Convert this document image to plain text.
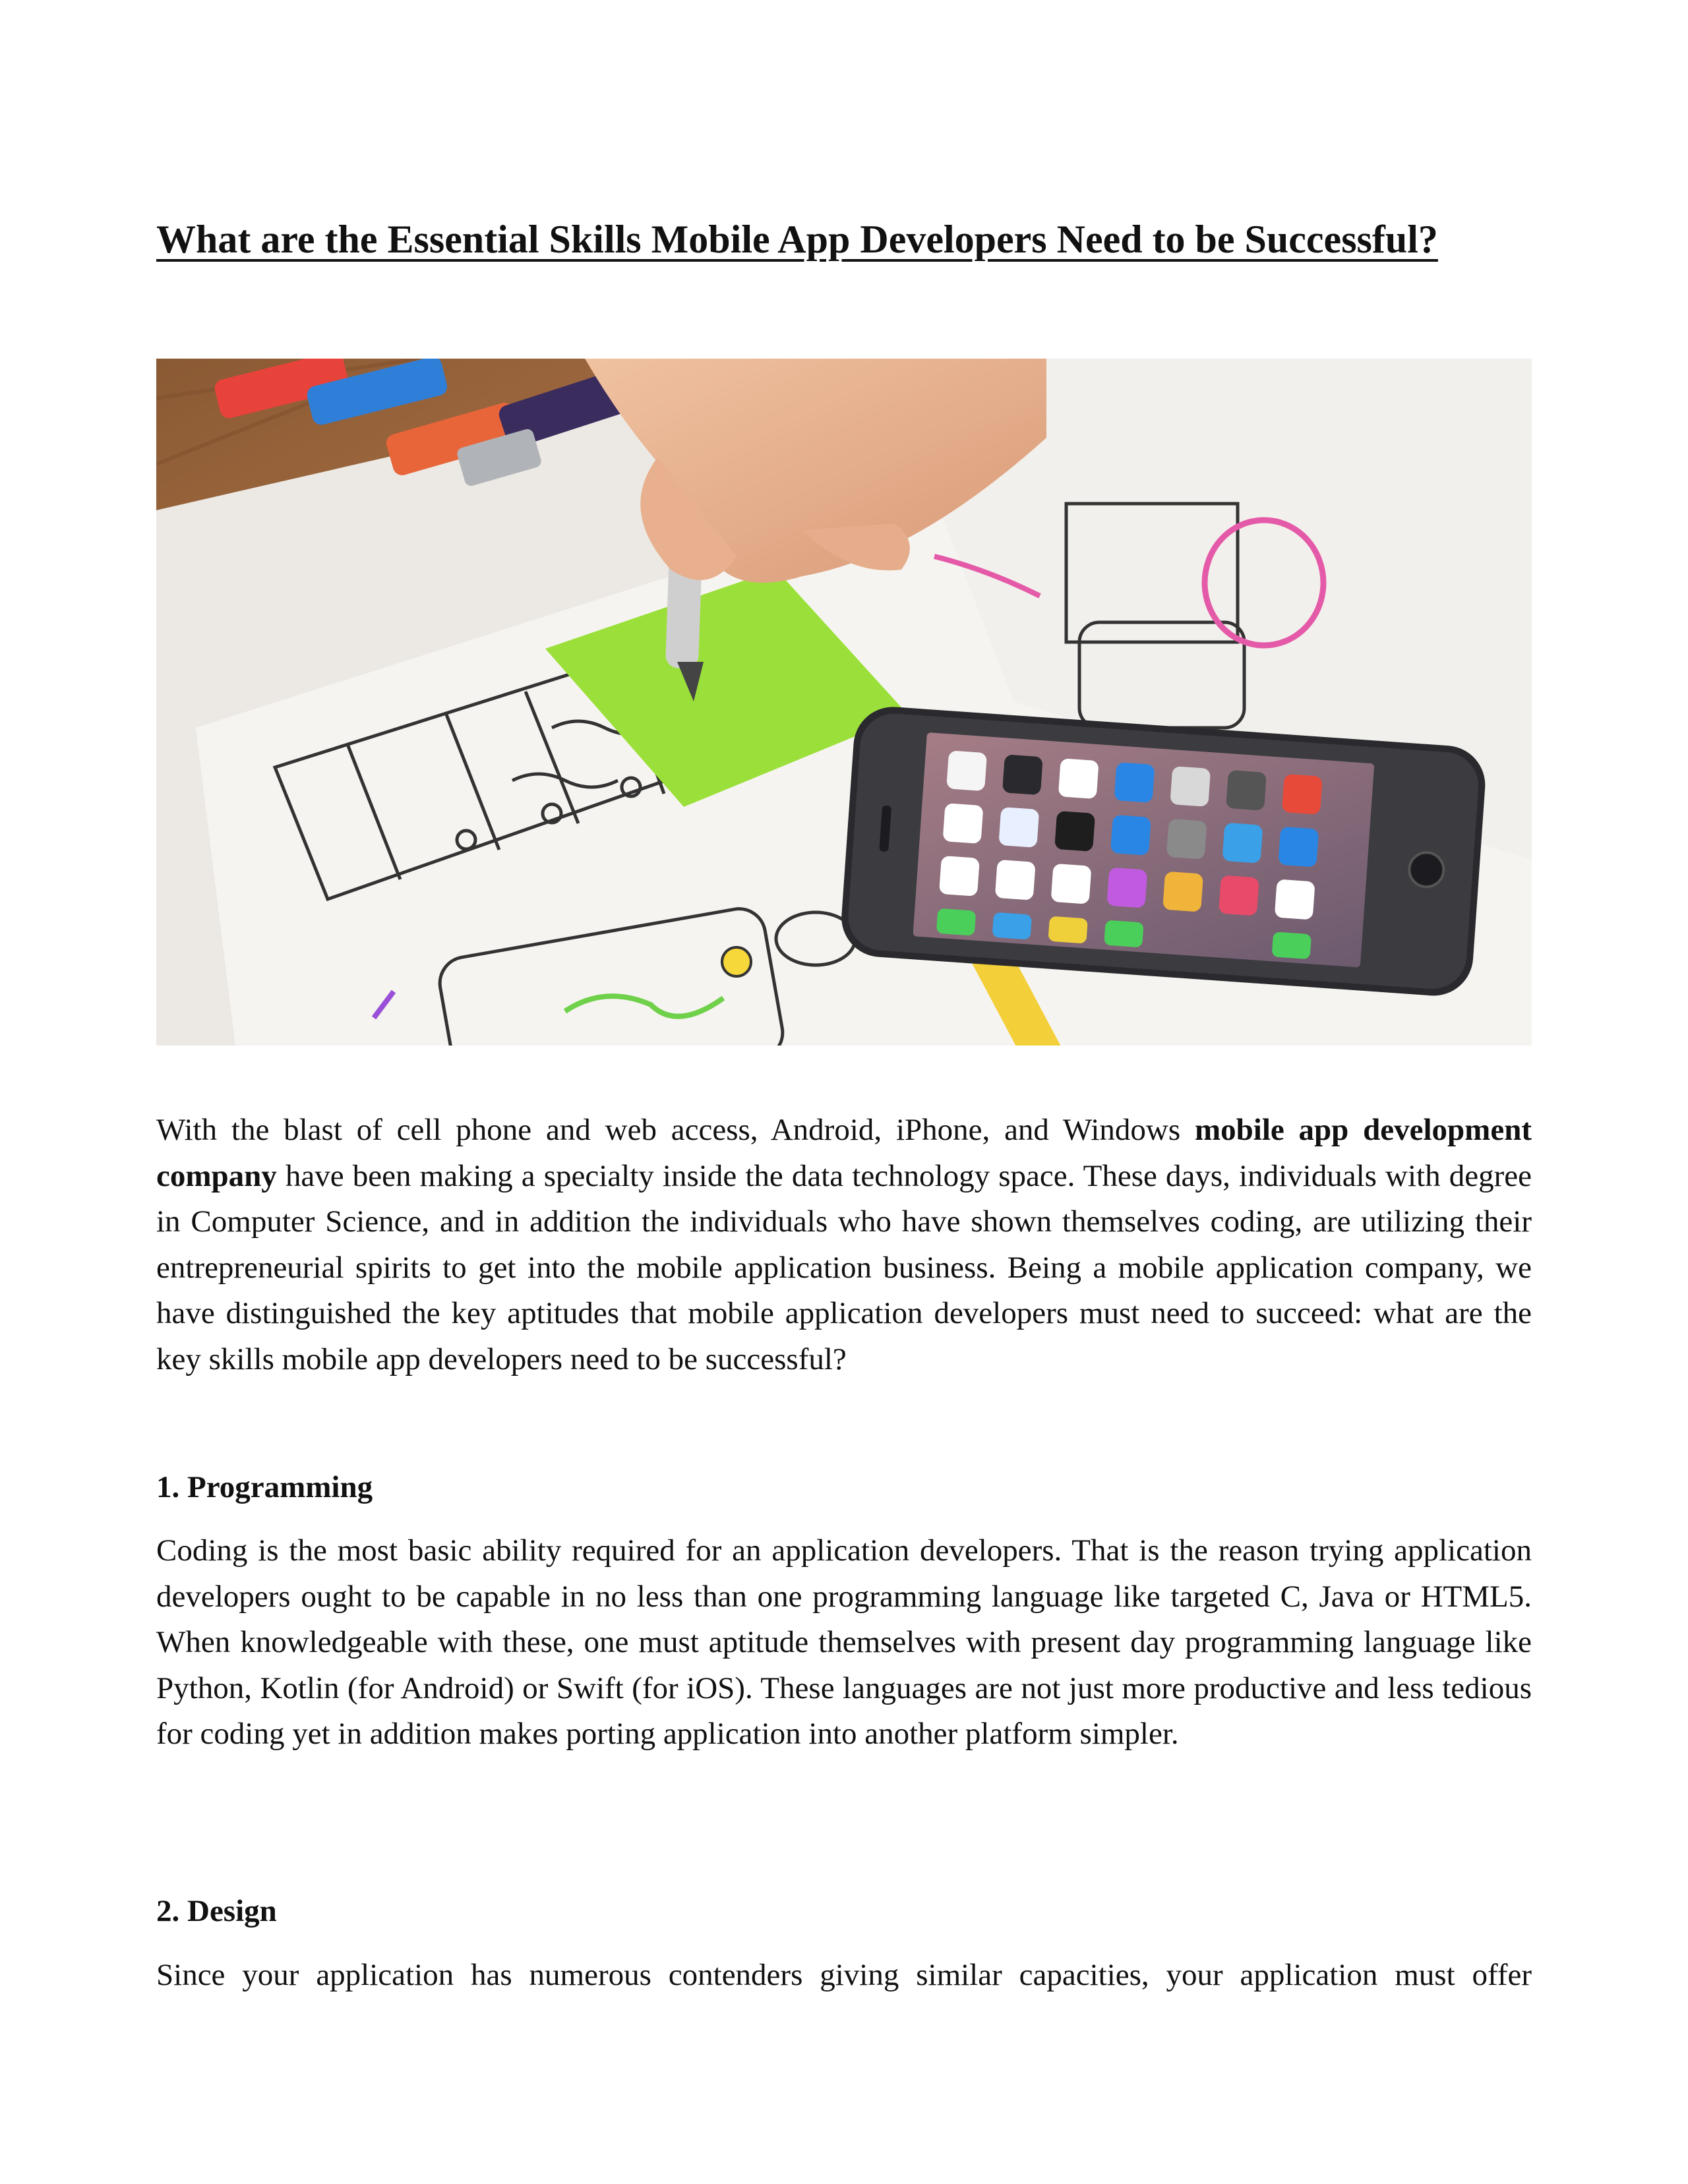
What are the Essential Skills Mobile App Developers Need to be Successful?

With the blast of cell phone and web access, Android, iPhone, and Windows mobile app development company have been making a specialty inside the data technology space. These days, individuals with degree in Computer Science, and in addition the individuals who have shown themselves coding, are utilizing their entrepreneurial spirits to get into the mobile application business. Being a mobile application company, we have distinguished the key aptitudes that mobile application developers must need to succeed: what are the key skills mobile app developers need to be successful?

1. Programming

Coding is the most basic ability required for an application developers. That is the reason trying application developers ought to be capable in no less than one programming language like targeted C, Java or HTML5. When knowledgeable with these, one must aptitude themselves with present day programming language like Python, Kotlin (for Android) or Swift (for iOS). These languages are not just more productive and less tedious for coding yet in addition makes porting application into another platform simpler.

2. Design

Since your application has numerous contenders giving similar capacities, your application must offer
